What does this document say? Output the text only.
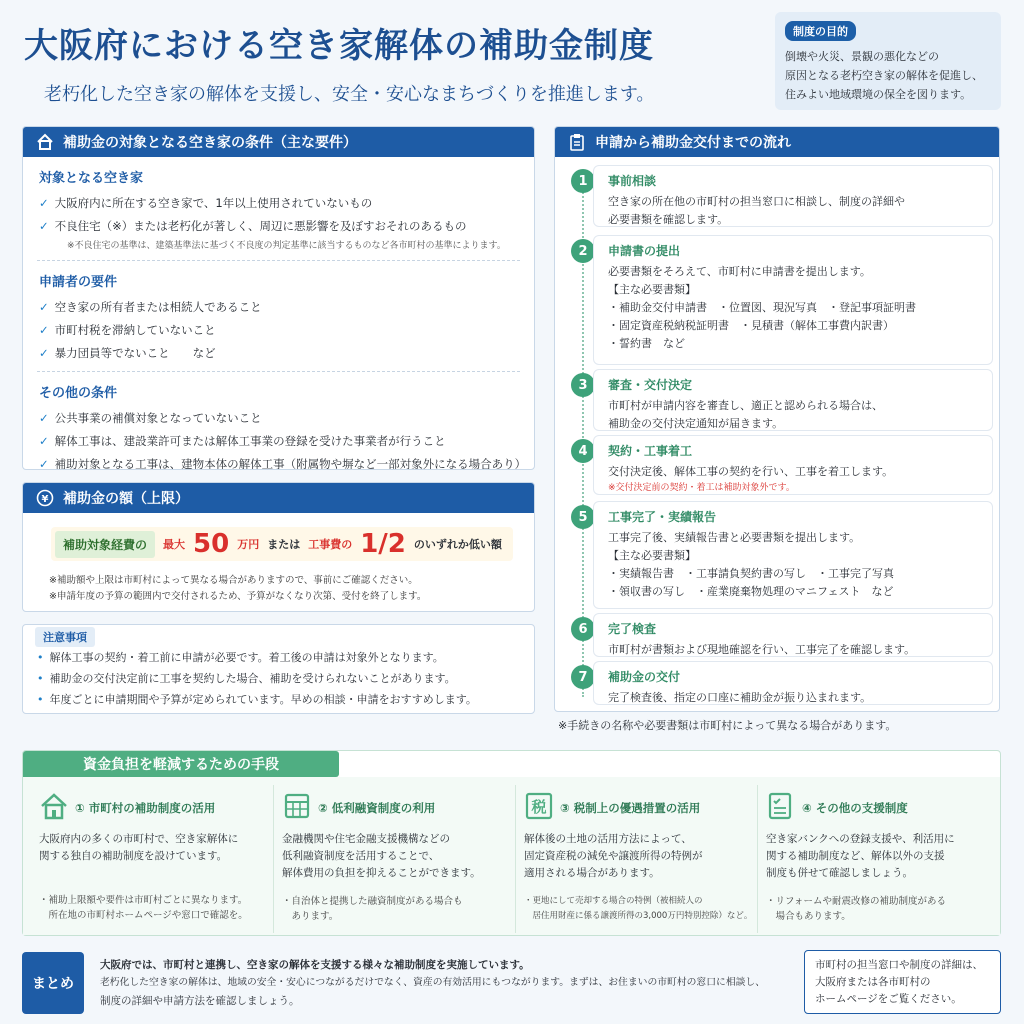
大阪府における空き家解体の補助金制度
老朽化した空き家の解体を支援し、安全・安心なまちづくりを推進します。
制度の目的
倒壊や火災、景観の悪化などの
原因となる老朽空き家の解体を促進し、
住みよい地域環境の保全を図ります。
補助金の対象となる空き家の条件（主な要件）
対象となる空き家
✓ 大阪府内に所在する空き家で、1年以上使用されていないもの
✓ 不良住宅（※）または老朽化が著しく、周辺に悪影響を及ぼすおそれのあるもの
※不良住宅の基準は、建築基準法に基づく不良度の判定基準に該当するものなど各市町村の基準によります。
申請者の要件
✓ 空き家の所有者または相続人であること
✓ 市町村税を滞納していないこと
✓ 暴力団員等でないこと　　など
その他の条件
✓ 公共事業の補償対象となっていないこと
✓ 解体工事は、建設業許可または解体工事業の登録を受けた事業者が行うこと
✓ 補助対象となる工事は、建物本体の解体工事（附属物や塀など一部対象外になる場合あり）
¥ 補助金の額（上限）
補助対象経費の	最大 50 万円 または 工事費の 1/2 のいずれか低い額
※補助額や上限は市町村によって異なる場合がありますので、事前にご確認ください。
※申請年度の予算の範囲内で交付されるため、予算がなくなり次第、受付を終了します。
注意事項
• 解体工事の契約・着工前に申請が必要です。着工後の申請は対象外となります。
• 補助金の交付決定前に工事を契約した場合、補助を受けられないことがあります。
• 年度ごとに申請期間や予算が定められています。早めの相談・申請をおすすめします。
申請から補助金交付までの流れ
1	事前相談
空き家の所在他の市町村の担当窓口に相談し、制度の詳細や
必要書類を確認します。
2	申請書の提出
必要書類をそろえて、市町村に申請書を提出します。
【主な必要書類】
・補助金交付申請書　・位置図、現況写真　・登記事項証明書
・固定資産税納税証明書　・見積書（解体工事費内訳書）
・誓約書　など
3	審査・交付決定
市町村が申請内容を審査し、適正と認められる場合は、
補助金の交付決定通知が届きます。
4	契約・工事着工
交付決定後、解体工事の契約を行い、工事を着工します。
※交付決定前の契約・着工は補助対象外です。
5	工事完了・実績報告
工事完了後、実績報告書と必要書類を提出します。
【主な必要書類】
・実績報告書　・工事請負契約書の写し　・工事完了写真
・領収書の写し　・産業廃棄物処理のマニフェスト　など
6	完了検査
市町村が書類および現地確認を行い、工事完了を確認します。
7	補助金の交付
完了検査後、指定の口座に補助金が振り込まれます。
※手続きの名称や必要書類は市町村によって異なる場合があります。
資金負担を軽減するための手段
① 市町村の補助制度の活用
大阪府内の多くの市町村で、空き家解体に
関する独自の補助制度を設けています。
・補助上限額や要件は市町村ごとに異なります。
　所在地の市町村ホームページや窓口で確認を。
② 低利融資制度の利用
金融機関や住宅金融支援機構などの
低利融資制度を活用することで、
解体費用の負担を抑えることができます。
・自治体と提携した融資制度がある場合も
　あります。
税 ③ 税制上の優遇措置の活用
解体後の土地の活用方法によって、
固定資産税の減免や譲渡所得の特例が
適用される場合があります。
・更地にして売却する場合の特例（被相続人の
　居住用財産に係る譲渡所得の3,000万円特別控除）など。
④ その他の支援制度
空き家バンクへの登録支援や、利活用に
関する補助制度など、解体以外の支援
制度も併せて確認しましょう。
・リフォームや耐震改修の補助制度がある
　場合もあります。
まとめ
大阪府では、市町村と連携し、空き家の解体を支援する様々な補助制度を実施しています。
老朽化した空き家の解体は、地域の安全・安心につながるだけでなく、資産の有効活用にもつながります。まずは、お住まいの市町村の窓口に相談し、
制度の詳細や申請方法を確認しましょう。
市町村の担当窓口や制度の詳細は、
大阪府または各市町村の
ホームページをご覧ください。
